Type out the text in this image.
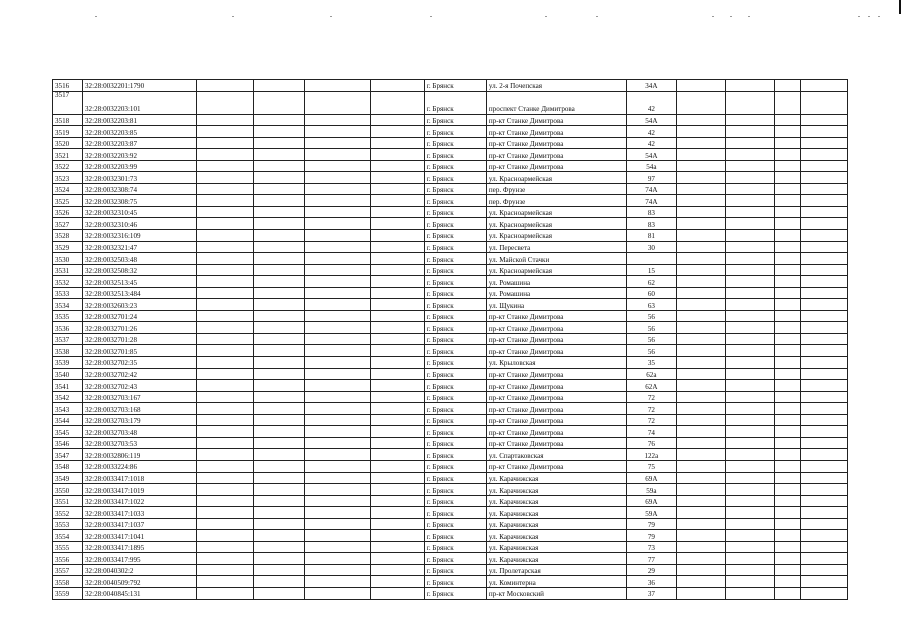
3516	32:28:0032201:1790					г. Брянск	ул. 2-я Почепская	34А				
3517	32:28:0032203:101					г. Брянск	проспект Станке Димитрова	42				
3518	32:28:0032203:81					г. Брянск	пр-кт Станке Димитрова	54А				
3519	32:28:0032203:85					г. Брянск	пр-кт Станке Димитрова	42				
3520	32:28:0032203:87					г. Брянск	пр-кт Станке Димитрова	42				
3521	32:28:0032203:92					г. Брянск	пр-кт Станке Димитрова	54А				
3522	32:28:0032203:99					г. Брянск	пр-кт Станке Димитрова	54а				
3523	32:28:0032301:73					г. Брянск	ул. Красноармейская	97				
3524	32:28:0032308:74					г. Брянск	пер. Фрунзе	74А				
3525	32:28:0032308:75					г. Брянск	пер. Фрунзе	74А				
3526	32:28:0032310:45					г. Брянск	ул. Красноармейская	83				
3527	32:28:0032310:46					г. Брянск	ул. Красноармейская	83				
3528	32:28:0032316:109					г. Брянск	ул. Красноармейская	81				
3529	32:28:0032321:47					г. Брянск	ул. Пересвета	30				
3530	32:28:0032503:48					г. Брянск	ул. Майской Стачки					
3531	32:28:0032508:32					г. Брянск	ул. Красноармейская	15				
3532	32:28:0032513:45					г. Брянск	ул. Ромашина	62				
3533	32:28:0032513:484					г. Брянск	ул. Ромашина	60				
3534	32:28:0032603:23					г. Брянск	ул. Щукина	63				
3535	32:28:0032701:24					г. Брянск	пр-кт Станке Димитрова	56				
3536	32:28:0032701:26					г. Брянск	пр-кт Станке Димитрова	56				
3537	32:28:0032701:28					г. Брянск	пр-кт Станке Димитрова	56				
3538	32:28:0032701:85					г. Брянск	пр-кт Станке Димитрова	56				
3539	32:28:0032702:35					г. Брянск	ул. Крыловская	35				
3540	32:28:0032702:42					г. Брянск	пр-кт Станке Димитрова	62а				
3541	32:28:0032702:43					г. Брянск	пр-кт Станке Димитрова	62А				
3542	32:28:0032703:167					г. Брянск	пр-кт Станке Димитрова	72				
3543	32:28:0032703:168					г. Брянск	пр-кт Станке Димитрова	72				
3544	32:28:0032703:179					г. Брянск	пр-кт Станке Димитрова	72				
3545	32:28:0032703:48					г. Брянск	пр-кт Станке Димитрова	74				
3546	32:28:0032703:53					г. Брянск	пр-кт Станке Димитрова	76				
3547	32:28:0032806:119					г. Брянск	ул. Спартаковская	122а				
3548	32:28:0033224:86					г. Брянск	пр-кт Станке Димитрова	75				
3549	32:28:0033417:1018					г. Брянск	ул. Карачижская	69А				
3550	32:28:0033417:1019					г. Брянск	ул. Карачижская	59а				
3551	32:28:0033417:1022					г. Брянск	ул. Карачижская	69А				
3552	32:28:0033417:1033					г. Брянск	ул. Карачижская	59А				
3553	32:28:0033417:1037					г. Брянск	ул. Карачижская	79				
3554	32:28:0033417:1041					г. Брянск	ул. Карачижская	79				
3555	32:28:0033417:1895					г. Брянск	ул. Карачижская	73				
3556	32:28:0033417:995					г. Брянск	ул. Карачижская	77				
3557	32:28:0040302:2					г. Брянск	ул. Пролетарская	29				
3558	32:28:0040509:792					г. Брянск	ул. Коминтерна	36				
3559	32:28:0040845:131					г. Брянск	пр-кт Московский	37				
